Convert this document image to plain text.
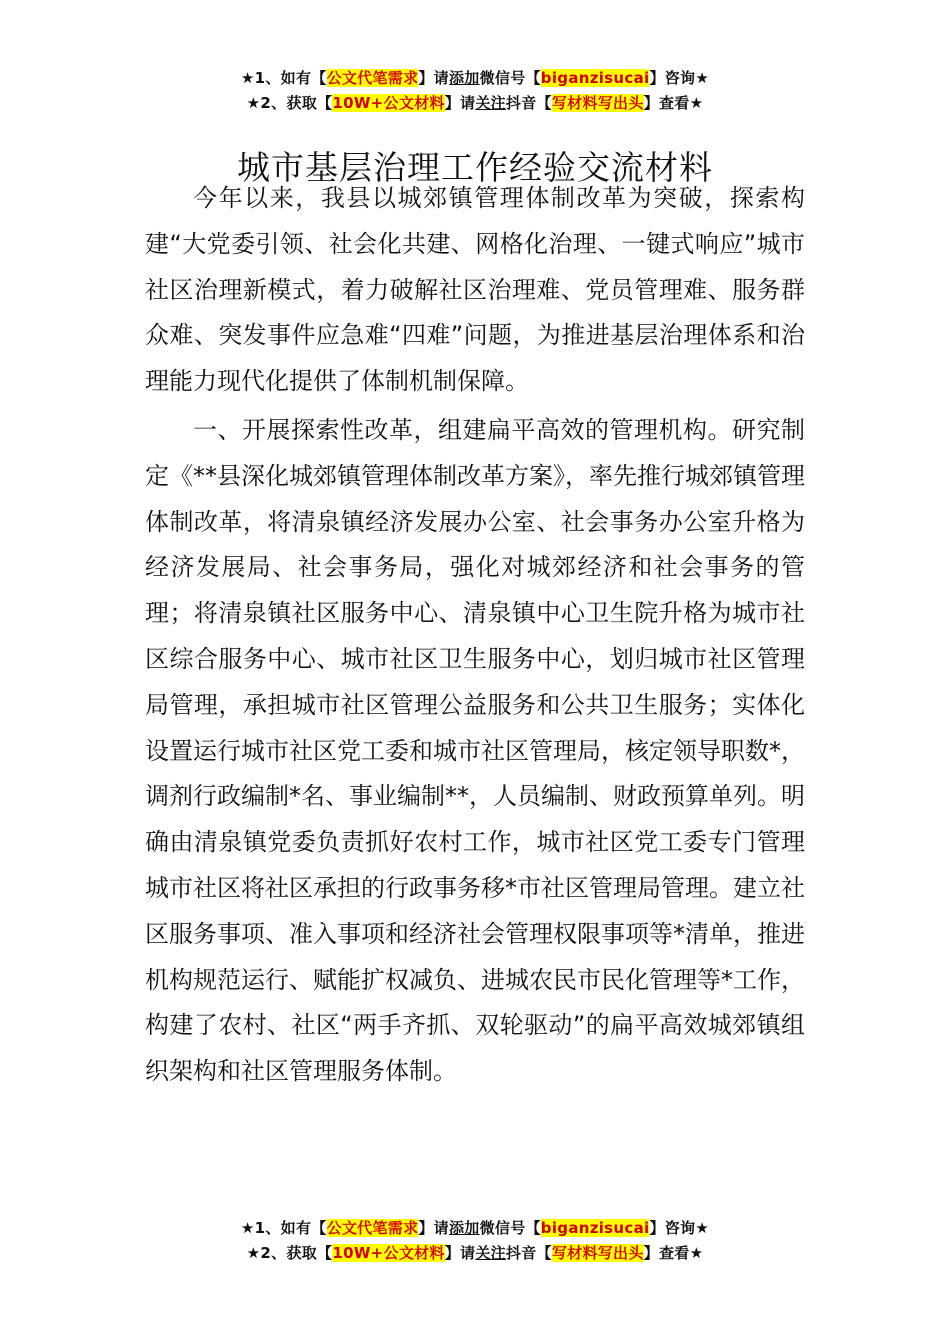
★1、如有【公文代笔需求】请添加微信号【biganzisucai】咨询★
★2、获取【10W+公文材料】请关注抖音【写材料写出头】查看★
城市基层治理工作经验交流材料

今年以来，我县以城郊镇管理体制改革为突破，探索构建“大党委引领、社会化共建、网格化治理、一键式响应”城市社区治理新模式，着力破解社区治理难、党员管理难、服务群众难、突发事件应急难“四难”问题，为推进基层治理体系和治理能力现代化提供了体制机制保障。

一、开展探索性改革，组建扁平高效的管理机构。研究制定《**县深化城郊镇管理体制改革方案》，率先推行城郊镇管理体制改革，将清泉镇经济发展办公室、社会事务办公室升格为经济发展局、社会事务局，强化对城郊经济和社会事务的管理；将清泉镇社区服务中心、清泉镇中心卫生院升格为城市社区综合服务中心、城市社区卫生服务中心，划归城市社区管理局管理，承担城市社区管理公益服务和公共卫生服务；实体化设置运行城市社区党工委和城市社区管理局，核定领导职数*，调剂行政编制*名、事业编制**，人员编制、财政预算单列。明确由清泉镇党委负责抓好农村工作，城市社区党工委专门管理城市社区将社区承担的行政事务移*市社区管理局管理。建立社区服务事项、准入事项和经济社会管理权限事项等*清单，推进机构规范运行、赋能扩权减负、进城农民市民化管理等*工作，构建了农村、社区“两手齐抓、双轮驱动”的扁平高效城郊镇组织架构和社区管理服务体制。

★1、如有【公文代笔需求】请添加微信号【biganzisucai】咨询★
★2、获取【10W+公文材料】请关注抖音【写材料写出头】查看★
